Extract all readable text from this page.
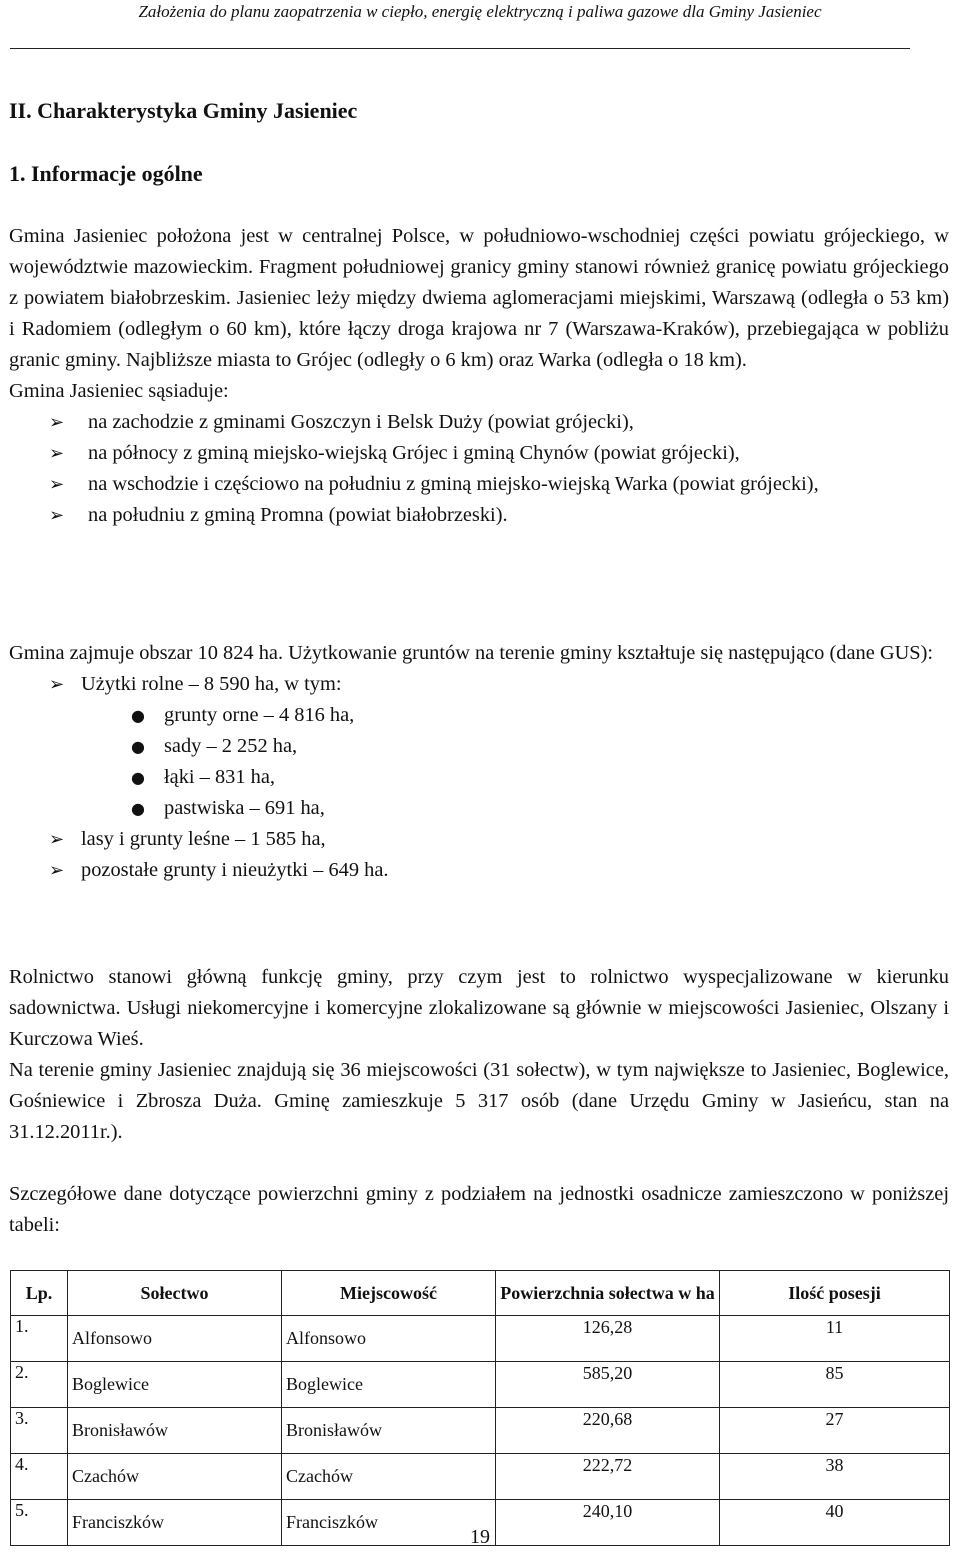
Założenia do planu zaopatrzenia w ciepło, energię elektryczną i paliwa gazowe dla Gminy Jasieniec
II. Charakterystyka Gminy Jasieniec
1. Informacje ogólne

Gmina Jasieniec położona jest w centralnej Polsce, w południowo-wschodniej części powiatu grójeckiego, w województwie mazowieckim. Fragment południowej granicy gminy stanowi również granicę powiatu grójeckiego z powiatem białobrzeskim. Jasieniec leży między dwiema aglomeracjami miejskimi, Warszawą (odległa o 53 km) i Radomiem (odległym o 60 km), które łączy droga krajowa nr 7 (Warszawa-Kraków), przebiegająca w pobliżu granic gminy. Najbliższe miasta to Grójec (odległy o 6 km) oraz Warka (odległa o 18 km).

Gmina Jasieniec sąsiaduje:

➢ na zachodzie z gminami Goszczyn i Belsk Duży (powiat grójecki),
➢ na północy z gminą miejsko-wiejską Grójec i gminą Chynów (powiat grójecki),
➢ na wschodzie i częściowo na południu z gminą miejsko-wiejską Warka (powiat grójecki),
➢ na południu z gminą Promna (powiat białobrzeski).

Gmina zajmuje obszar 10 824 ha. Użytkowanie gruntów na terenie gminy kształtuje się następująco (dane GUS):

➢ Użytki rolne – 8 590 ha, w tym:
● grunty orne – 4 816 ha,
● sady – 2 252 ha,
● łąki – 831 ha,
● pastwiska – 691 ha,
➢ lasy i grunty leśne – 1 585 ha,
➢ pozostałe grunty i nieużytki – 649 ha.

Rolnictwo stanowi główną funkcję gminy, przy czym jest to rolnictwo wyspecjalizowane w kierunku sadownictwa. Usługi niekomercyjne i komercyjne zlokalizowane są głównie w miejscowości Jasieniec, Olszany i Kurczowa Wieś.

Na terenie gminy Jasieniec znajdują się 36 miejscowości (31 sołectw), w tym największe to Jasieniec, Boglewice, Gośniewice i Zbrosza Duża. Gminę zamieszkuje 5 317 osób (dane Urzędu Gminy w Jasieńcu, stan na 31.12.2011r.).

Szczegółowe dane dotyczące powierzchni gminy z podziałem na jednostki osadnicze zamieszczono w poniższej tabeli:

Lp.	Sołectwo	Miejscowość	Powierzchnia sołectwa w ha	Ilość posesji
1.	Alfonsowo	Alfonsowo	126,28	11
2.	Boglewice	Boglewice	585,20	85
3.	Bronisławów	Bronisławów	220,68	27
4.	Czachów	Czachów	222,72	38
5.	Franciszków	Franciszków	240,10	40
19
